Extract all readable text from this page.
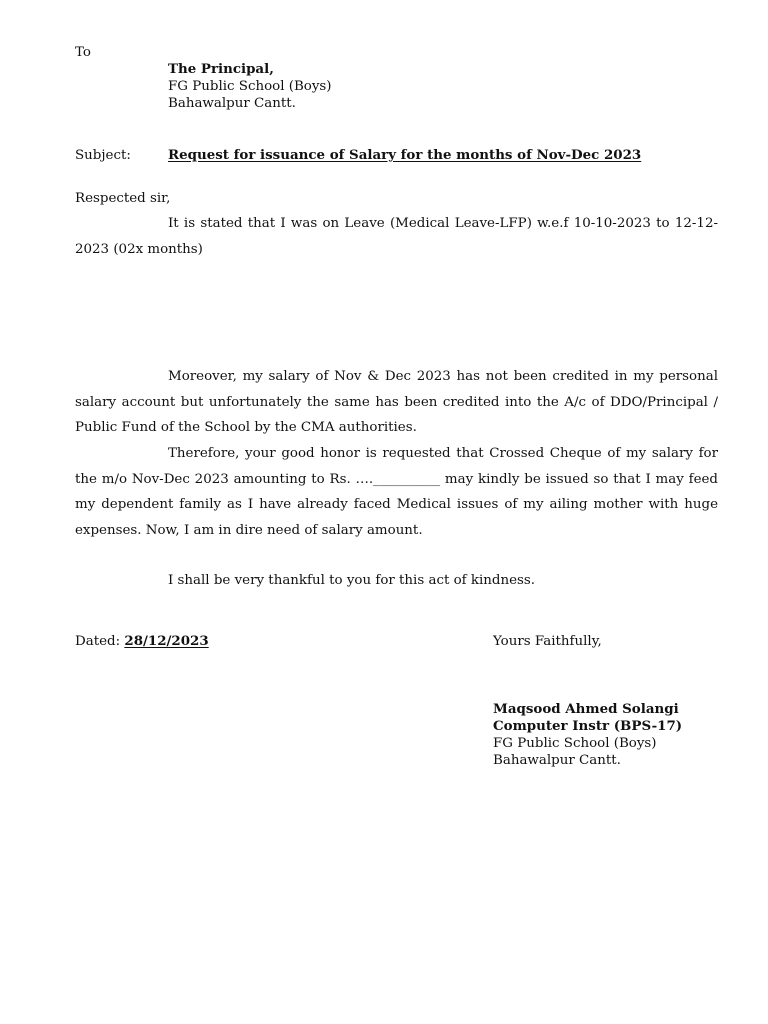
To

The Principal,
FG Public School (Boys)
Bahawalpur Cantt.

Subject:	Request for issuance of Salary for the months of Nov-Dec 2023

Respected sir,

It is stated that I was on Leave (Medical Leave-LFP) w.e.f 10-10-2023 to 12-12-2023 (02x months)

Moreover, my salary of Nov & Dec 2023 has not been credited in my personal salary account but unfortunately the same has been credited into the A/c of DDO/Principal / Public Fund of the School by the CMA authorities.

Therefore, your good honor is requested that Crossed Cheque of my salary for the m/o Nov-Dec 2023 amounting to Rs. ….__________ may kindly be issued so that I may feed my dependent family as I have already faced Medical issues of my ailing mother with huge expenses. Now, I am in dire need of salary amount.

I shall be very thankful to you for this act of kindness.

Dated: 28/12/2023	Yours Faithfully,

Maqsood Ahmed Solangi
Computer Instr (BPS-17)
FG Public School (Boys)
Bahawalpur Cantt.
